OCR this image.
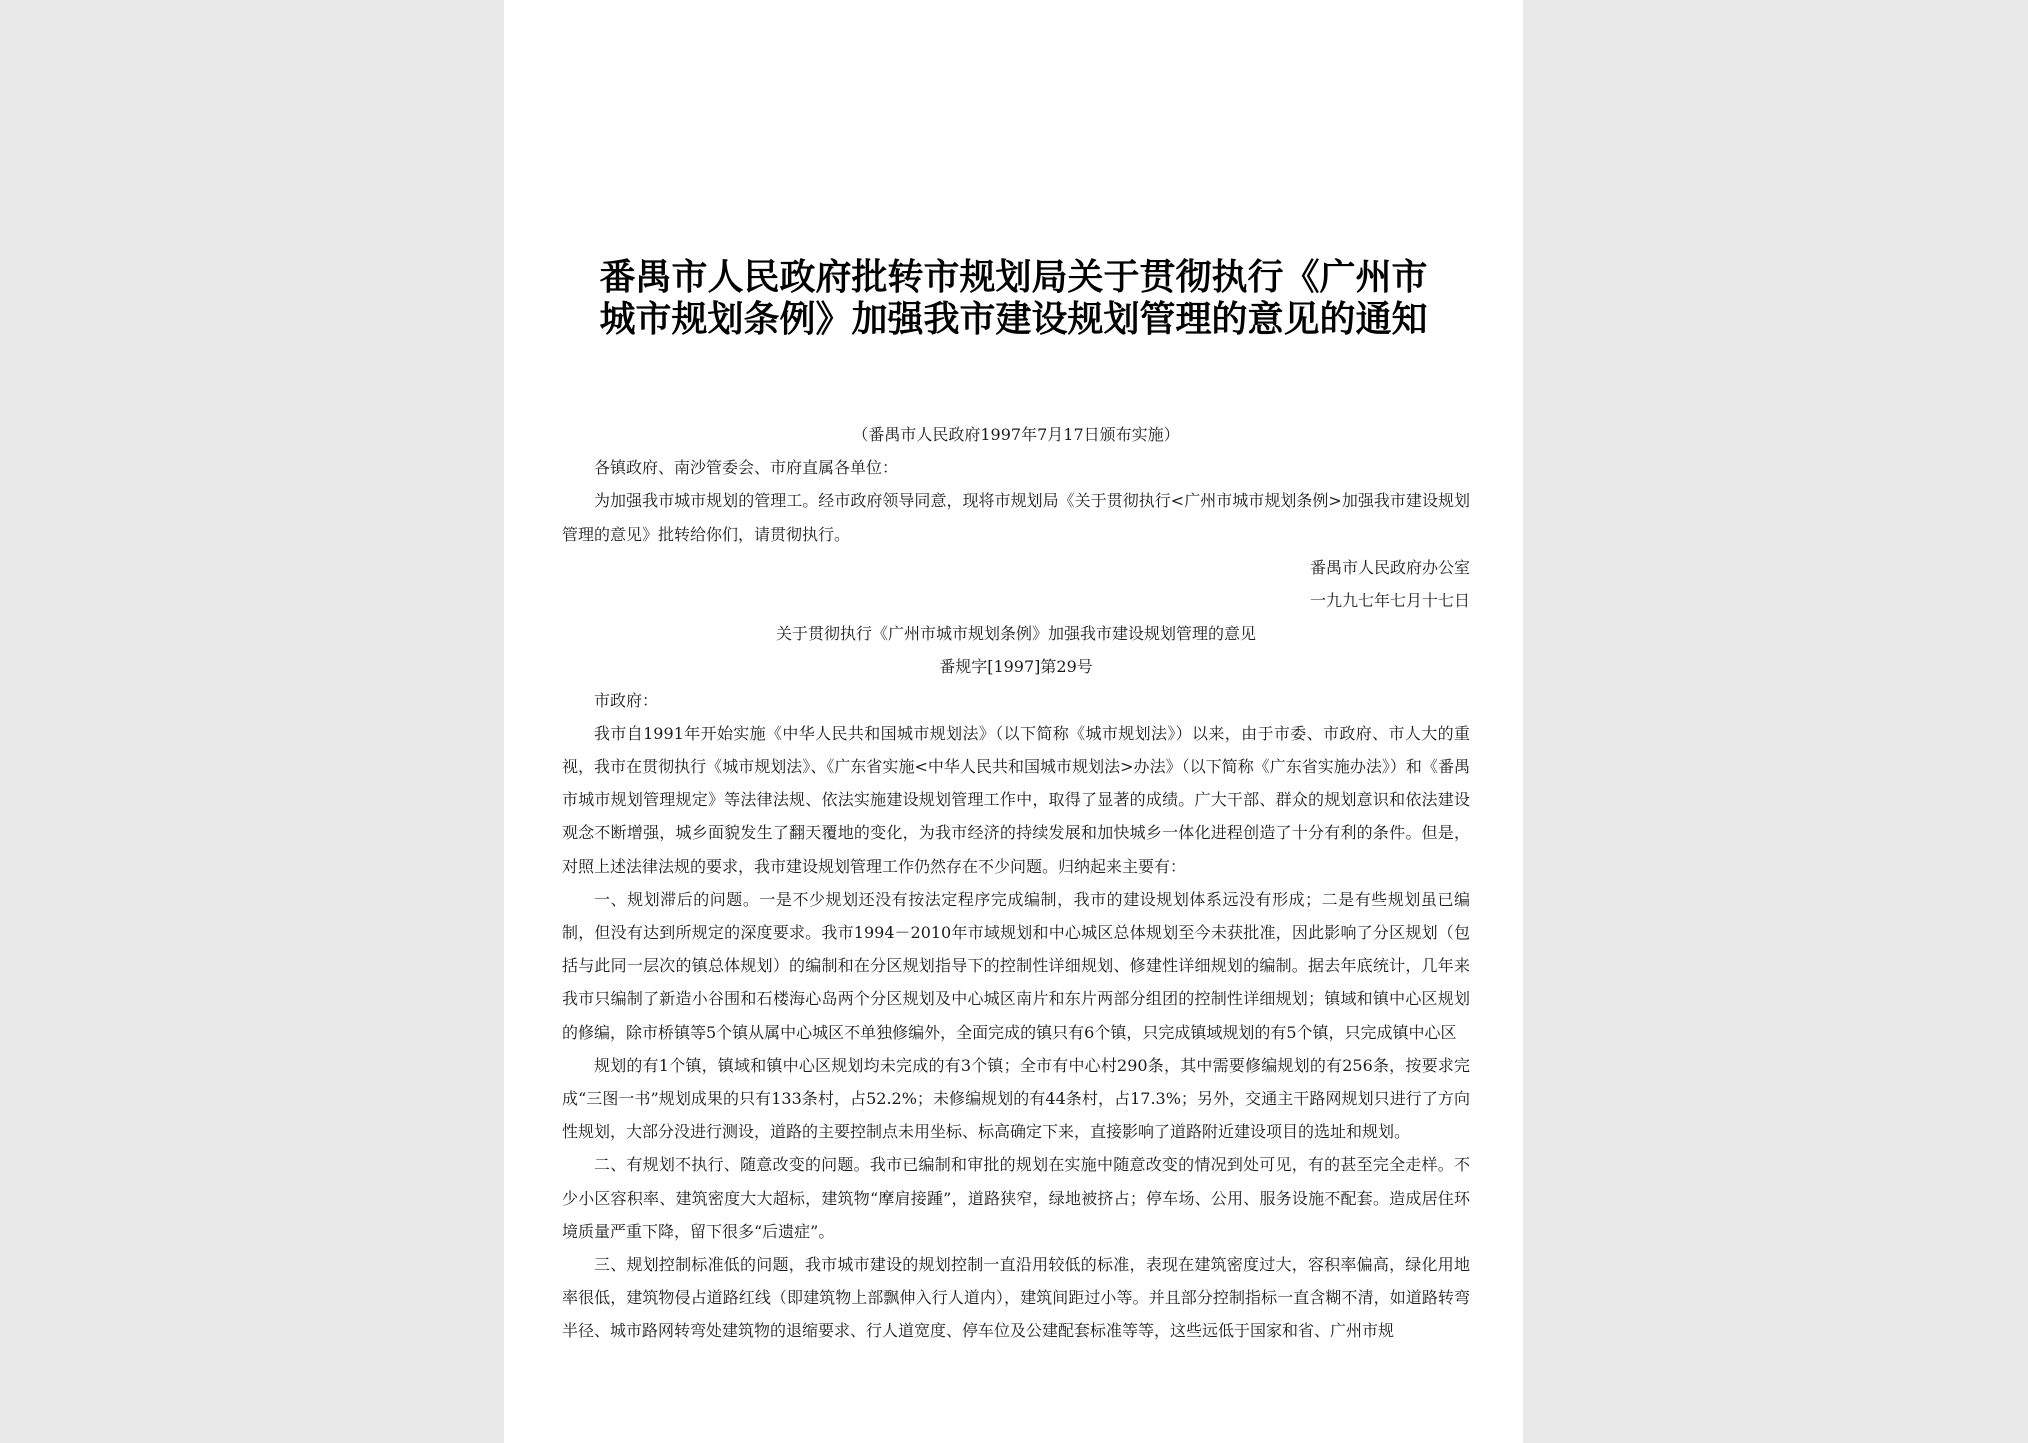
番禺市人民政府批转市规划局关于贯彻执行《广州市
城市规划条例》加强我市建设规划管理的意见的通知

（番禺市人民政府1997年7月17日颁布实施）

各镇政府、南沙管委会、市府直属各单位：

为加强我市城市规划的管理工。经市政府领导同意，现将市规划局《关于贯彻执行<广州市城市规划条例>加强我市建设规划管理的意见》批转给你们，请贯彻执行。

番禺市人民政府办公室

一九九七年七月十七日

关于贯彻执行《广州市城市规划条例》加强我市建设规划管理的意见

番规字[1997]第29号

市政府：

我市自1991年开始实施《中华人民共和国城市规划法》（以下简称《城市规划法》）以来，由于市委、市政府、市人大的重视，我市在贯彻执行《城市规划法》、《广东省实施<中华人民共和国城市规划法>办法》（以下简称《广东省实施办法》）和《番禺市城市规划管理规定》等法律法规、依法实施建设规划管理工作中，取得了显著的成绩。广大干部、群众的规划意识和依法建设观念不断增强，城乡面貌发生了翻天覆地的变化，为我市经济的持续发展和加快城乡一体化进程创造了十分有利的条件。但是，对照上述法律法规的要求，我市建设规划管理工作仍然存在不少问题。归纳起来主要有：

一、规划滞后的问题。一是不少规划还没有按法定程序完成编制，我市的建设规划体系远没有形成；二是有些规划虽已编制，但没有达到所规定的深度要求。我市1994－2010年市域规划和中心城区总体规划至今未获批准，因此影响了分区规划（包括与此同一层次的镇总体规划）的编制和在分区规划指导下的控制性详细规划、修建性详细规划的编制。据去年底统计，几年来我市只编制了新造小谷围和石楼海心岛两个分区规划及中心城区南片和东片两部分组团的控制性详细规划；镇域和镇中心区规划的修编，除市桥镇等5个镇从属中心城区不单独修编外，全面完成的镇只有6个镇，只完成镇域规划的有5个镇，只完成镇中心区

规划的有1个镇，镇域和镇中心区规划均未完成的有3个镇；全市有中心村290条，其中需要修编规划的有256条，按要求完成“三图一书”规划成果的只有133条村，占52.2%；未修编规划的有44条村，占17.3%；另外，交通主干路网规划只进行了方向性规划，大部分没进行测设，道路的主要控制点未用坐标、标高确定下来，直接影响了道路附近建设项目的选址和规划。

二、有规划不执行、随意改变的问题。我市已编制和审批的规划在实施中随意改变的情况到处可见，有的甚至完全走样。不少小区容积率、建筑密度大大超标，建筑物“摩肩接踵”，道路狭窄，绿地被挤占；停车场、公用、服务设施不配套。造成居住环境质量严重下降，留下很多“后遗症”。

三、规划控制标准低的问题，我市城市建设的规划控制一直沿用较低的标准，表现在建筑密度过大，容积率偏高，绿化用地率很低，建筑物侵占道路红线（即建筑物上部飘伸入行人道内），建筑间距过小等。并且部分控制指标一直含糊不清，如道路转弯半径、城市路网转弯处建筑物的退缩要求、行人道宽度、停车位及公建配套标准等等，这些远低于国家和省、广州市规
